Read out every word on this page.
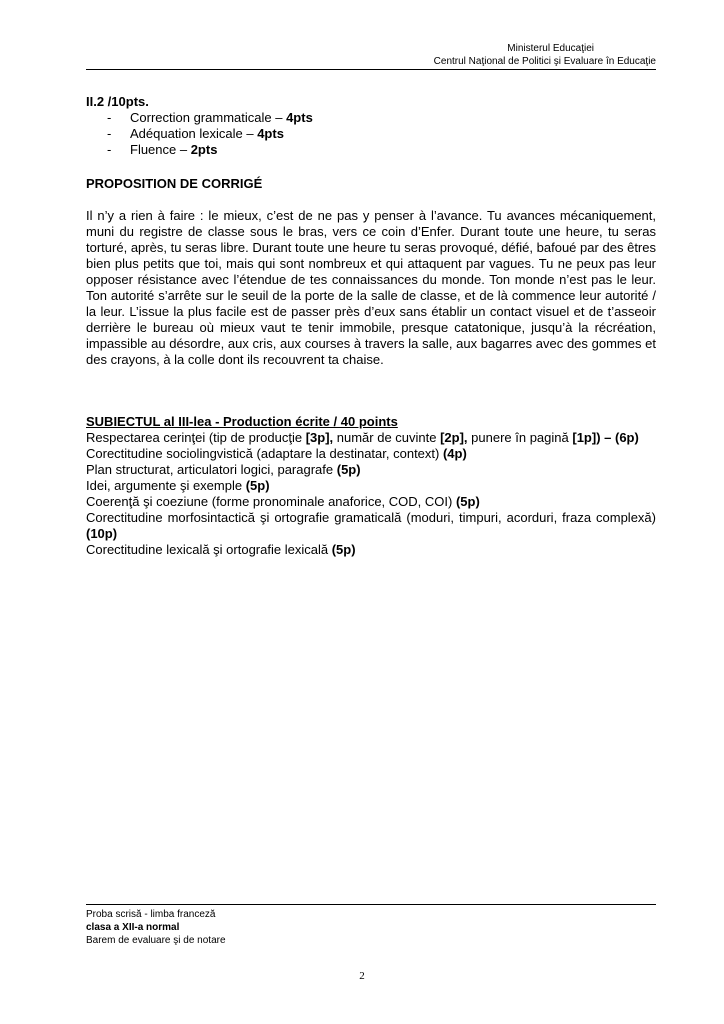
Ministerul Educaţiei
Centrul Naţional de Politici şi Evaluare în Educaţie
II.2 /10pts.
- Correction grammaticale – 4pts
- Adéquation lexicale – 4pts
- Fluence – 2pts
PROPOSITION DE CORRIGÉ
Il n’y a rien à faire : le mieux, c’est de ne pas y penser à l’avance. Tu avances mécaniquement, muni du registre de classe sous le bras, vers ce coin d’Enfer. Durant toute une heure, tu seras torturé, après, tu seras libre. Durant toute une heure tu seras provoqué, défié, bafoué par des êtres bien plus petits que toi, mais qui sont nombreux et qui attaquent par vagues. Tu ne peux pas leur opposer résistance avec l’étendue de tes connaissances du monde. Ton monde n’est pas le leur. Ton autorité s’arrête sur le seuil de la porte de la salle de classe, et de là commence leur autorité / la leur. L’issue la plus facile est de passer près d’eux sans établir un contact visuel et de t’asseoir derrière le bureau où mieux vaut te tenir immobile, presque catatonique, jusqu’à la récréation, impassible au désordre, aux cris, aux courses à travers la salle, aux bagarres avec des gommes et des crayons, à la colle dont ils recouvrent ta chaise.
SUBIECTUL al III-lea - Production écrite / 40 points
Respectarea cerinţei (tip de producţie [3p], număr de cuvinte [2p], punere în pagină [1p]) – (6p)
Corectitudine sociolingvistică (adaptare la destinatar, context) (4p)
Plan structurat, articulatori logici, paragrafe (5p)
Idei, argumente şi exemple (5p)
Coerenţă şi coeziune (forme pronominale anaforice, COD, COI) (5p)
Corectitudine morfosintactică şi ortografie gramaticală (moduri, timpuri, acorduri, fraza complexă) (10p)
Corectitudine lexicală şi ortografie lexicală (5p)
Proba scrisă - limba franceză
clasa a XII-a normal
Barem de evaluare şi de notare
2
